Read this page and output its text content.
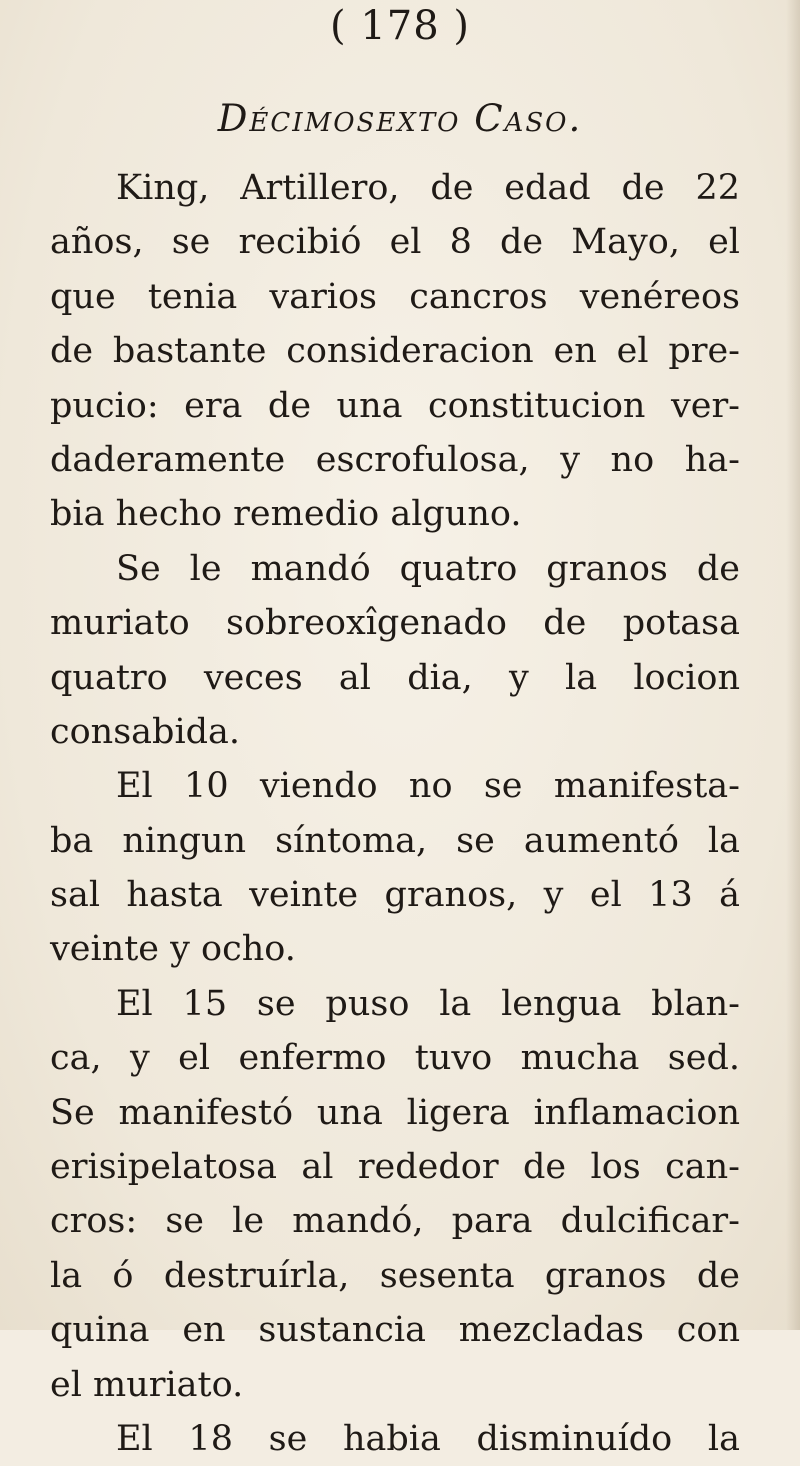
( 178 )
Décimosexto Caso.
King, Artillero, de edad de 22
años, se recibió el 8 de Mayo, el
que tenia varios cancros venéreos
de bastante consideracion en el pre-
pucio: era de una constitucion ver-
daderamente escrofulosa, y no ha-
bia hecho remedio alguno.
Se le mandó quatro granos de
muriato sobreoxîgenado de potasa
quatro veces al dia, y la locion
consabida.
El 10 viendo no se manifesta-
ba ningun síntoma, se aumentó la
sal hasta veinte granos, y el 13 á
veinte y ocho.
El 15 se puso la lengua blan-
ca, y el enfermo tuvo mucha sed.
Se manifestó una ligera inflamacion
erisipelatosa al rededor de los can-
cros: se le mandó, para dulcificar-
la ó destruírla, sesenta granos de
quina en sustancia mezcladas con
el muriato.
El 18 se habia disminuído la
